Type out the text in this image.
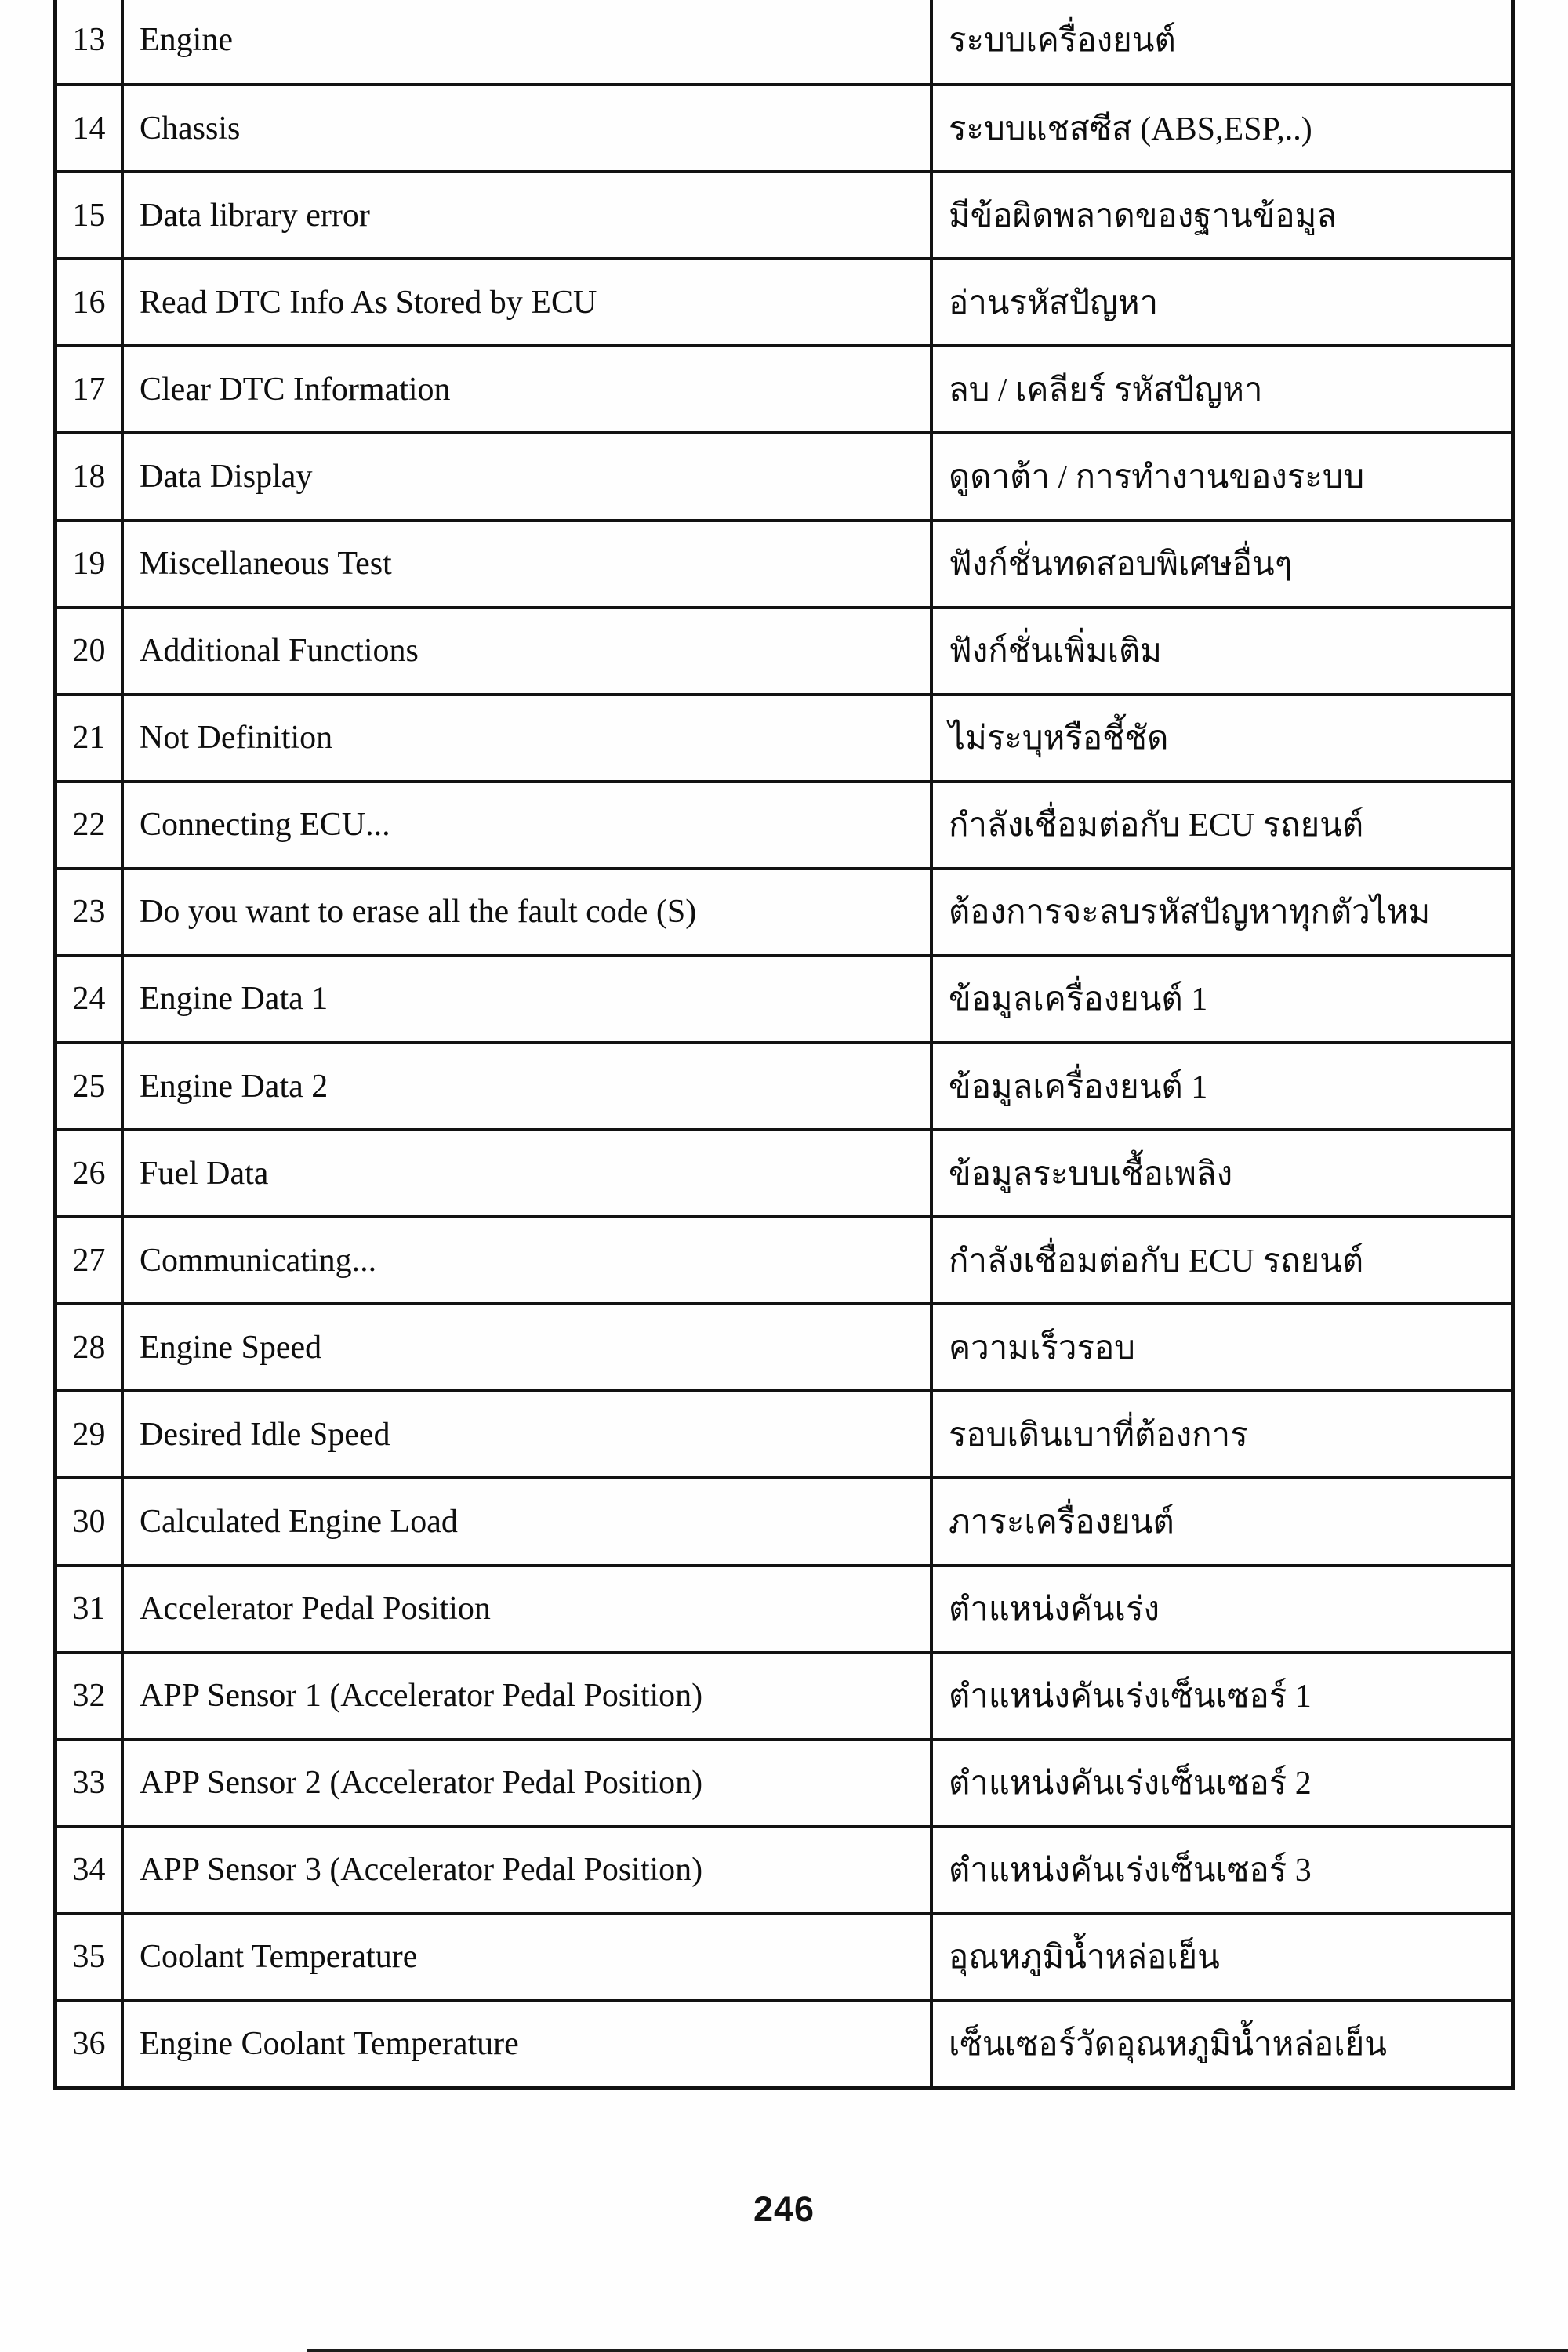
13	Engine	ระบบเครื่องยนต์
14	Chassis	ระบบแชสซีส (ABS,ESP,..)
15	Data library error	มีข้อผิดพลาดของฐานข้อมูล
16	Read DTC Info As Stored by ECU	อ่านรหัสปัญหา
17	Clear DTC Information	ลบ / เคลียร์ รหัสปัญหา
18	Data Display	ดูดาต้า / การทำงานของระบบ
19	Miscellaneous Test	ฟังก์ชั่นทดสอบพิเศษอื่นๆ
20	Additional Functions	ฟังก์ชั่นเพิ่มเติม
21	Not Definition	ไม่ระบุหรือชี้ชัด
22	Connecting ECU...	กำลังเชื่อมต่อกับ ECU รถยนต์
23	Do you want to erase all the fault code (S)	ต้องการจะลบรหัสปัญหาทุกตัวไหม
24	Engine Data 1	ข้อมูลเครื่องยนต์ 1
25	Engine Data 2	ข้อมูลเครื่องยนต์ 1
26	Fuel Data	ข้อมูลระบบเชื้อเพลิง
27	Communicating...	กำลังเชื่อมต่อกับ ECU รถยนต์
28	Engine Speed	ความเร็วรอบ
29	Desired Idle Speed	รอบเดินเบาที่ต้องการ
30	Calculated Engine Load	ภาระเครื่องยนต์
31	Accelerator Pedal Position	ตำแหน่งคันเร่ง
32	APP Sensor 1 (Accelerator Pedal Position)	ตำแหน่งคันเร่งเซ็นเซอร์ 1
33	APP Sensor 2 (Accelerator Pedal Position)	ตำแหน่งคันเร่งเซ็นเซอร์ 2
34	APP Sensor 3 (Accelerator Pedal Position)	ตำแหน่งคันเร่งเซ็นเซอร์ 3
35	Coolant Temperature	อุณหภูมิน้ำหล่อเย็น
36	Engine Coolant Temperature	เซ็นเซอร์วัดอุณหภูมิน้ำหล่อเย็น
246
